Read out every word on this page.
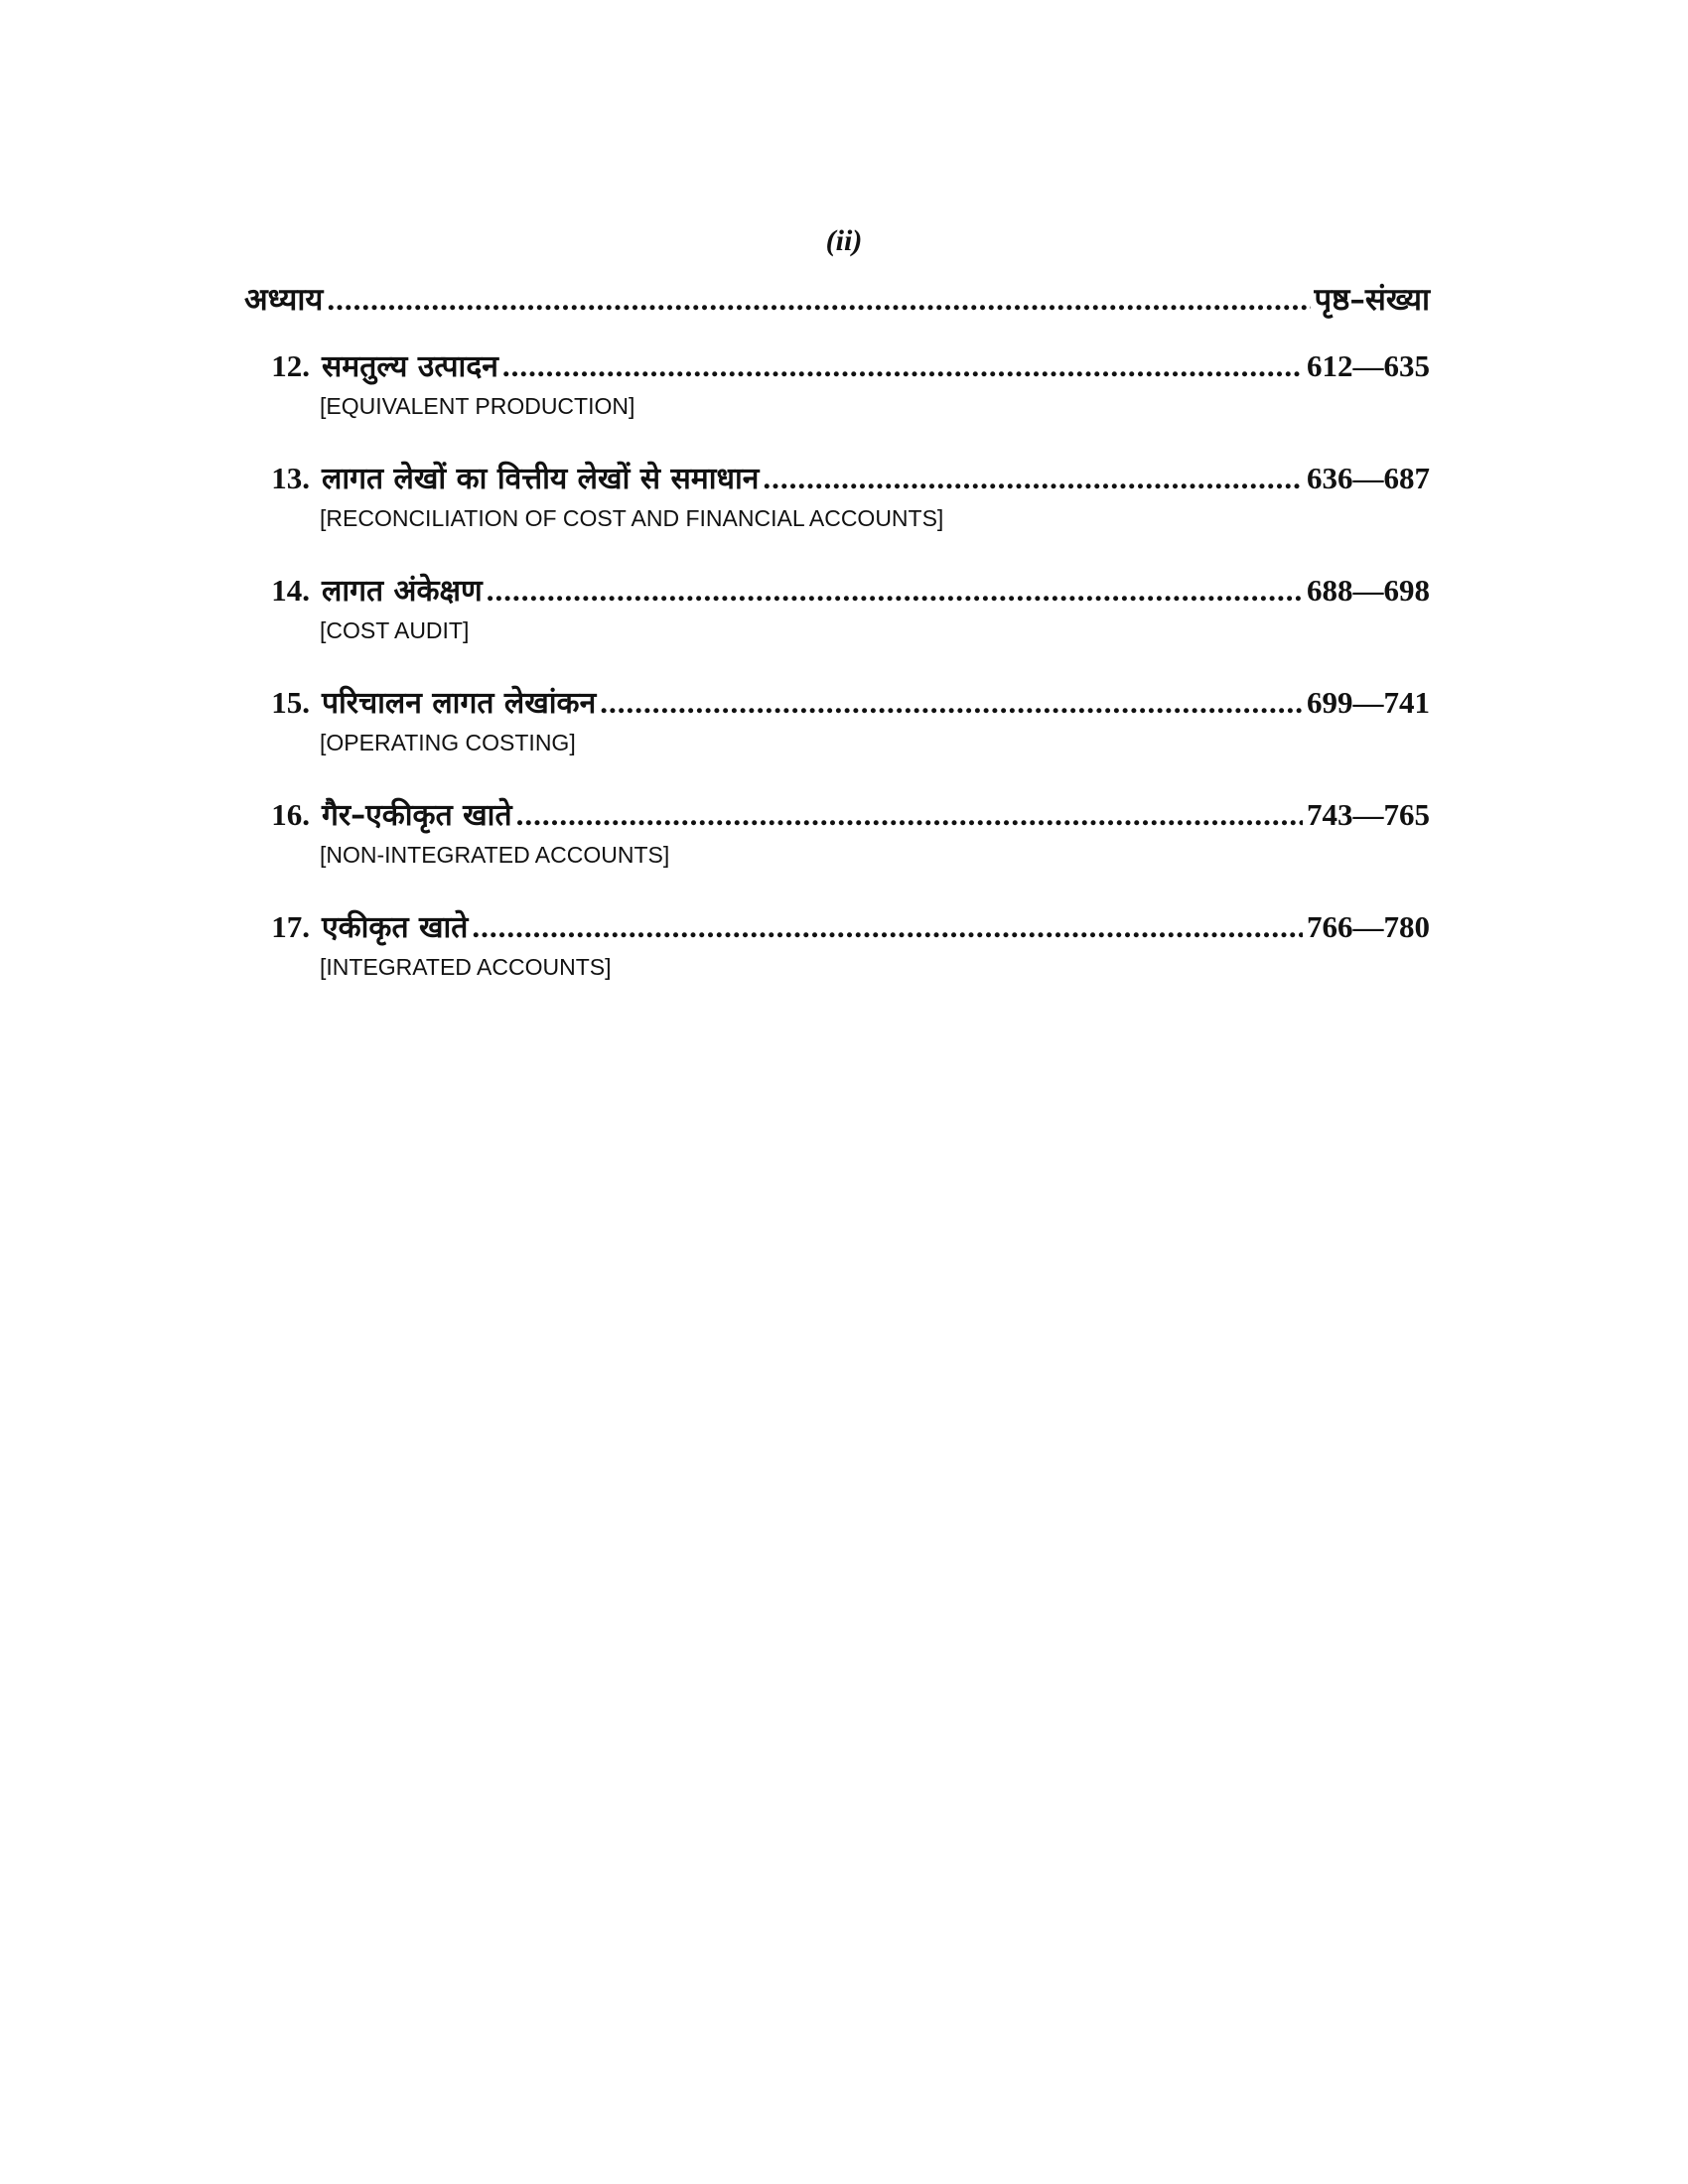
(ii)
अध्याय .....	पृष्ठ–संख्या
12. समतुल्य उत्पादन .....	612—635
[EQUIVALENT PRODUCTION]
13. लागत लेखों का वित्तीय लेखों से समाधान .....	636—687
[RECONCILIATION OF COST AND FINANCIAL ACCOUNTS]
14. लागत अंकेक्षण .....	688—698
[COST AUDIT]
15. परिचालन लागत लेखांकन .....	699—741
[OPERATING COSTING]
16. गैर–एकीकृत खाते .....	743—765
[NON-INTEGRATED ACCOUNTS]
17. एकीकृत खाते .....	766—780
[INTEGRATED ACCOUNTS]
